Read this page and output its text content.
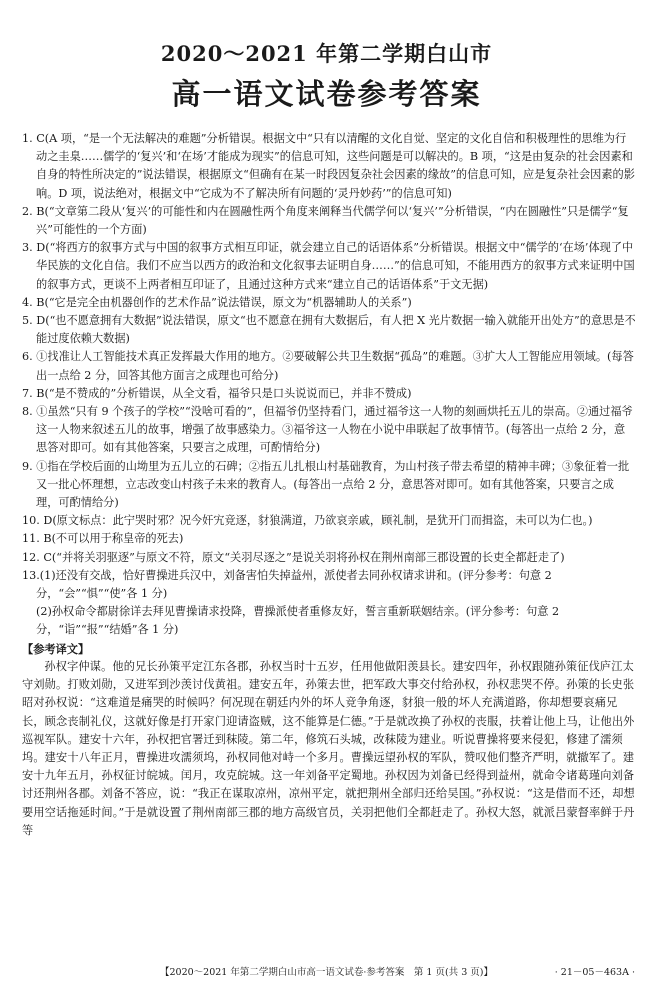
2020～2021 年第二学期白山市
高一语文试卷参考答案

1. C(A 项，“是一个无法解决的难题”分析错误。根据文中“只有以清醒的文化自觉、坚定的文化自信和积极理性的思维为行动之圭臬……儒学的‘复兴’和‘在场’才能成为现实”的信息可知，这些问题是可以解决的。B 项，“这是由复杂的社会因素和自身的特性所决定的”说法错误，根据原文“但确有在某一时段因复杂社会因素的缘故”的信息可知，应是复杂社会因素的影响。D 项，说法绝对，根据文中“它成为不了解决所有问题的‘灵丹妙药’”的信息可知)

2. B(“文章第二段从‘复兴’的可能性和内在圆融性两个角度来阐释当代儒学何以‘复兴’”分析错误，“内在圆融性”只是儒学“复兴”可能性的一个方面)

3. D(“将西方的叙事方式与中国的叙事方式相互印证，就会建立自己的话语体系”分析错误。根据文中“儒学的‘在场’体现了中华民族的文化自信。我们不应当以西方的政治和文化叙事去证明自身……”的信息可知，不能用西方的叙事方式来证明中国的叙事方式，更谈不上两者相互印证了，且通过这种方式来“建立自己的话语体系”于文无据)

4. B(“它是完全由机器创作的艺术作品”说法错误，原文为“机器辅助人的关系”)

5. D(“也不愿意拥有大数据”说法错误，原文“也不愿意在拥有大数据后，有人把 X 光片数据一输入就能开出处方”的意思是不能过度依赖大数据)

6. ①找准让人工智能技术真正发挥最大作用的地方。②要破解公共卫生数据“孤岛”的难题。③扩大人工智能应用领域。(每答出一点给 2 分，回答其他方面言之成理也可给分)

7. B(“是不赞成的”分析错误，从全文看，福爷只是口头说说而已，并非不赞成)

8. ①虽然“只有 9 个孩子的学校”“没啥可看的”，但福爷仍坚持看门，通过福爷这一人物的刻画烘托五儿的崇高。②通过福爷这一人物来叙述五儿的故事，增强了故事感染力。③福爷这一人物在小说中串联起了故事情节。(每答出一点给 2 分，意思答对即可。如有其他答案，只要言之成理，可酌情给分)

9. ①指在学校后面的山坳里为五儿立的石碑；②指五儿扎根山村基础教育，为山村孩子带去希望的精神丰碑；③象征着一批又一批心怀理想，立志改变山村孩子未来的教育人。(每答出一点给 2 分，意思答对即可。如有其他答案，只要言之成理，可酌情给分)

10. D(原文标点：此宁哭时邪？况今奸宄竞逐，豺狼满道，乃欲哀亲戚，顾礼制，是犹开门而揖盗，未可以为仁也。)

11. B(不可以用于称皇帝的死去)

12. C(“并将关羽驱逐”与原文不符，原文“关羽尽逐之”是说关羽将孙权在荆州南部三郡设置的长吏全都赶走了)

13.(1)还没有交战，恰好曹操进兵汉中，刘备害怕失掉益州，派使者去同孙权请求讲和。(评分参考：句意 2 分，“会”“惧”“使”各 1 分)

(2)孙权命令都尉徐详去拜见曹操请求投降，曹操派使者重修友好，誓言重新联姻结亲。(评分参考：句意 2 分，“诣”“报”“结婚”各 1 分)

【参考译文】

孙权字仲谋。他的兄长孙策平定江东各郡，孙权当时十五岁，任用他做阳羡县长。建安四年，孙权跟随孙策征伐庐江太守刘勋。打败刘勋，又进军到沙羡讨伐黄祖。建安五年，孙策去世，把军政大事交付给孙权，孙权悲哭不停。孙策的长史张昭对孙权说：“这难道是痛哭的时候吗？何况现在朝廷内外的坏人竞争角逐，豺狼一般的坏人充满道路，你却想要哀痛兄长，顾念丧制礼仪，这就好像是打开家门迎请盗贼，这不能算是仁德。”于是就改换了孙权的丧服，扶着让他上马，让他出外巡视军队。建安十六年，孙权把官署迁到秣陵。第二年，修筑石头城，改秣陵为建业。听说曹操将要来侵犯，修建了濡须坞。建安十八年正月，曹操进攻濡须坞，孙权同他对峙一个多月。曹操远望孙权的军队，赞叹他们整齐严明，就撤军了。建安十九年五月，孙权征讨皖城。闰月，攻克皖城。这一年刘备平定蜀地。孙权因为刘备已经得到益州，就命令诸葛瑾向刘备讨还荆州各郡。刘备不答应，说：“我正在谋取凉州，凉州平定，就把荆州全部归还给吴国。”孙权说：“这是借而不还，却想要用空话拖延时间。”于是就设置了荆州南部三郡的地方高级官员，关羽把他们全都赶走了。孙权大怒，就派吕蒙督率鲜于丹等

【2020～2021 年第二学期白山市高一语文试卷·参考答案　第 1 页(共 3 页)】	· 21－05－463A ·
